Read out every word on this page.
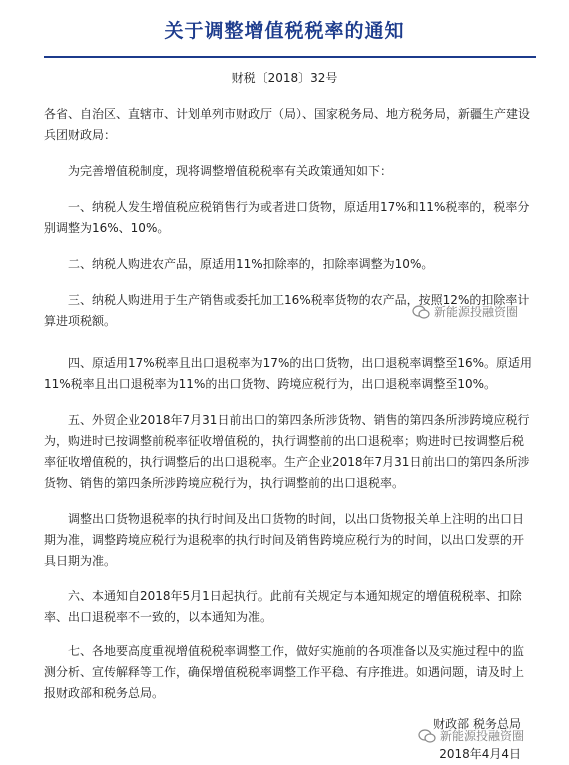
关于调整增值税税率的通知
财税〔2018〕32号

各省、自治区、直辖市、计划单列市财政厅（局）、国家税务局、地方税务局，新疆生产建设兵团财政局：

为完善增值税制度，现将调整增值税税率有关政策通知如下：

一、纳税人发生增值税应税销售行为或者进口货物，原适用17%和11%税率的，税率分别调整为16%、10%。

二、纳税人购进农产品，原适用11%扣除率的，扣除率调整为10%。

三、纳税人购进用于生产销售或委托加工16%税率货物的农产品，按照12%的扣除率计算进项税额。

四、原适用17%税率且出口退税率为17%的出口货物，出口退税率调整至16%。原适用11%税率且出口退税率为11%的出口货物、跨境应税行为，出口退税率调整至10%。

五、外贸企业2018年7月31日前出口的第四条所涉货物、销售的第四条所涉跨境应税行为，购进时已按调整前税率征收增值税的，执行调整前的出口退税率；购进时已按调整后税率征收增值税的，执行调整后的出口退税率。生产企业2018年7月31日前出口的第四条所涉货物、销售的第四条所涉跨境应税行为，执行调整前的出口退税率。

调整出口货物退税率的执行时间及出口货物的时间，以出口货物报关单上注明的出口日期为准，调整跨境应税行为退税率的执行时间及销售跨境应税行为的时间，以出口发票的开具日期为准。

六、本通知自2018年5月1日起执行。此前有关规定与本通知规定的增值税税率、扣除率、出口退税率不一致的，以本通知为准。

七、各地要高度重视增值税税率调整工作，做好实施前的各项准备以及实施过程中的监测分析、宣传解释等工作，确保增值税税率调整工作平稳、有序推进。如遇问题，请及时上报财政部和税务总局。

新能源投融资圈
财政部 税务总局
新能源投融资圈
2018年4月4日
